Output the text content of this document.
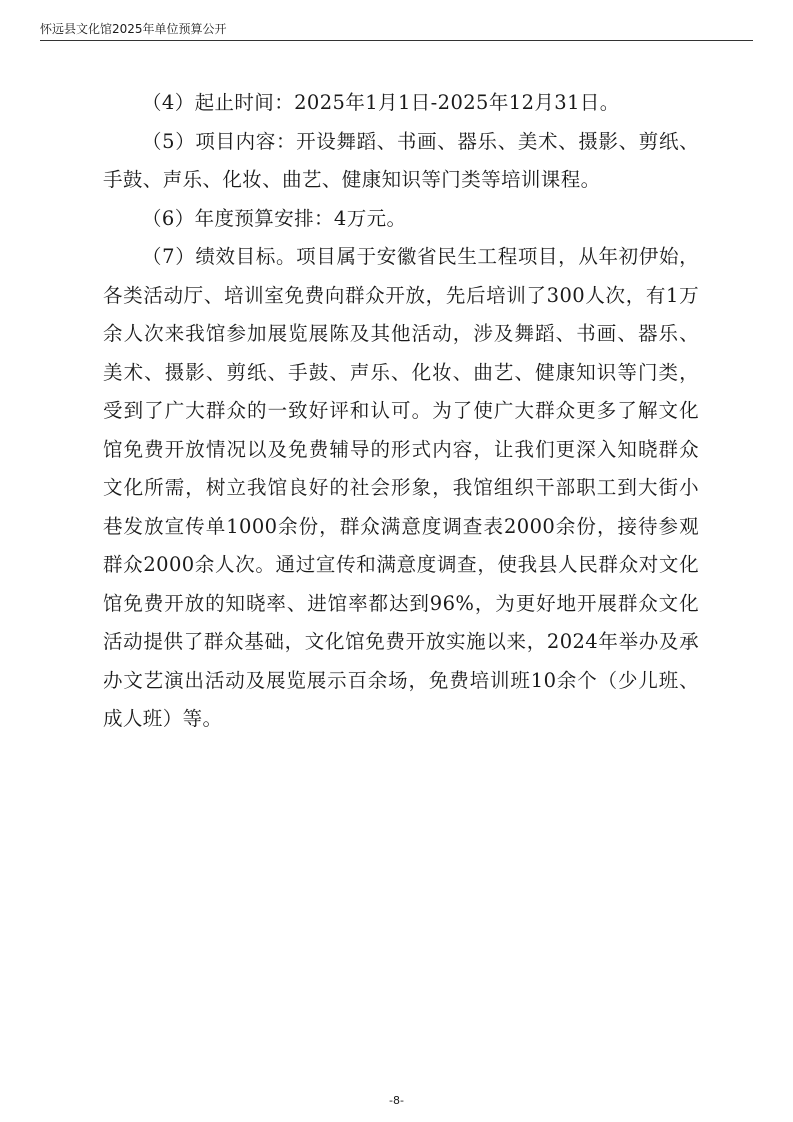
怀远县文化馆2025年单位预算公开

（4）起止时间：2025年1月1日-2025年12月31日。

（5）项目内容：开设舞蹈、书画、器乐、美术、摄影、剪纸、手鼓、声乐、化妆、曲艺、健康知识等门类等培训课程。

（6）年度预算安排：4万元。

（7）绩效目标。项目属于安徽省民生工程项目，从年初伊始，各类活动厅、培训室免费向群众开放，先后培训了300人次，有1万余人次来我馆参加展览展陈及其他活动，涉及舞蹈、书画、器乐、美术、摄影、剪纸、手鼓、声乐、化妆、曲艺、健康知识等门类，受到了广大群众的一致好评和认可。为了使广大群众更多了解文化馆免费开放情况以及免费辅导的形式内容，让我们更深入知晓群众文化所需，树立我馆良好的社会形象，我馆组织干部职工到大街小巷发放宣传单1000余份，群众满意度调查表2000余份，接待参观群众2000余人次。通过宣传和满意度调查，使我县人民群众对文化馆免费开放的知晓率、进馆率都达到96%，为更好地开展群众文化活动提供了群众基础，文化馆免费开放实施以来，2024年举办及承办文艺演出活动及展览展示百余场，免费培训班10余个（少儿班、成人班）等。

-8-
